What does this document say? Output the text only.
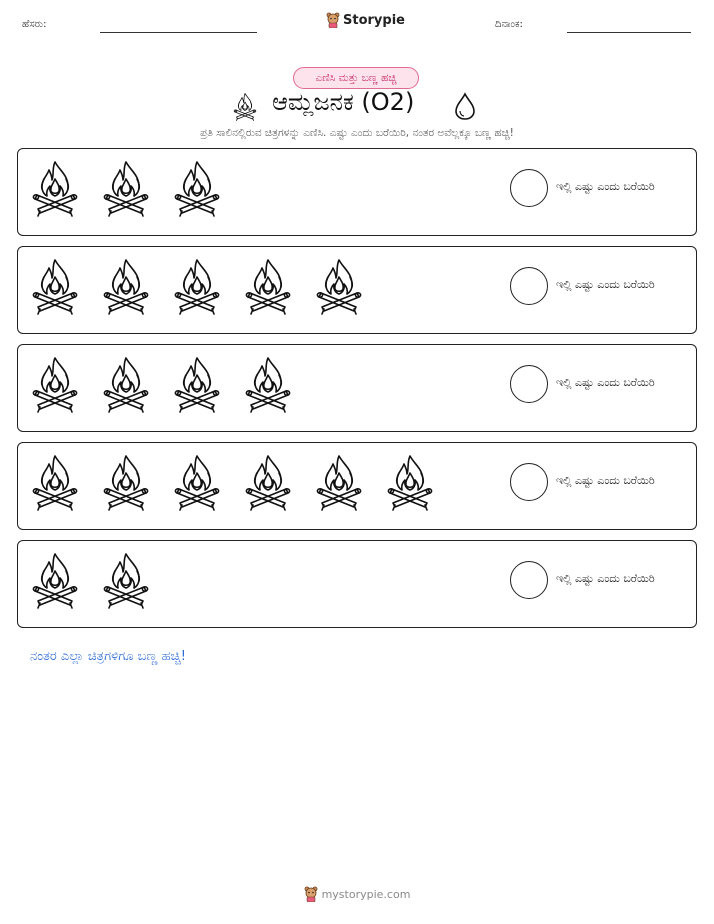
ಹೆಸರು:	Storypie	ದಿನಾಂಕ:
ಎಣಿಸಿ ಮತ್ತು ಬಣ್ಣ ಹಚ್ಚಿ
ಆಮ್ಲಜನಕ (O2)
ಪ್ರತಿ ಸಾಲಿನಲ್ಲಿರುವ ಚಿತ್ರಗಳನ್ನು ಎಣಿಸಿ. ಎಷ್ಟು ಎಂದು ಬರೆಯಿರಿ, ನಂತರ ಅವೆಲ್ಲಕ್ಕೂ ಬಣ್ಣ ಹಚ್ಚಿ!
ಇಲ್ಲಿ ಎಷ್ಟು ಎಂದು ಬರೆಯಿರಿ
ಇಲ್ಲಿ ಎಷ್ಟು ಎಂದು ಬರೆಯಿರಿ
ಇಲ್ಲಿ ಎಷ್ಟು ಎಂದು ಬರೆಯಿರಿ
ಇಲ್ಲಿ ಎಷ್ಟು ಎಂದು ಬರೆಯಿರಿ
ಇಲ್ಲಿ ಎಷ್ಟು ಎಂದು ಬರೆಯಿರಿ
ನಂತರ ಎಲ್ಲಾ ಚಿತ್ರಗಳಿಗೂ ಬಣ್ಣ ಹಚ್ಚಿ!
mystorypie.com
